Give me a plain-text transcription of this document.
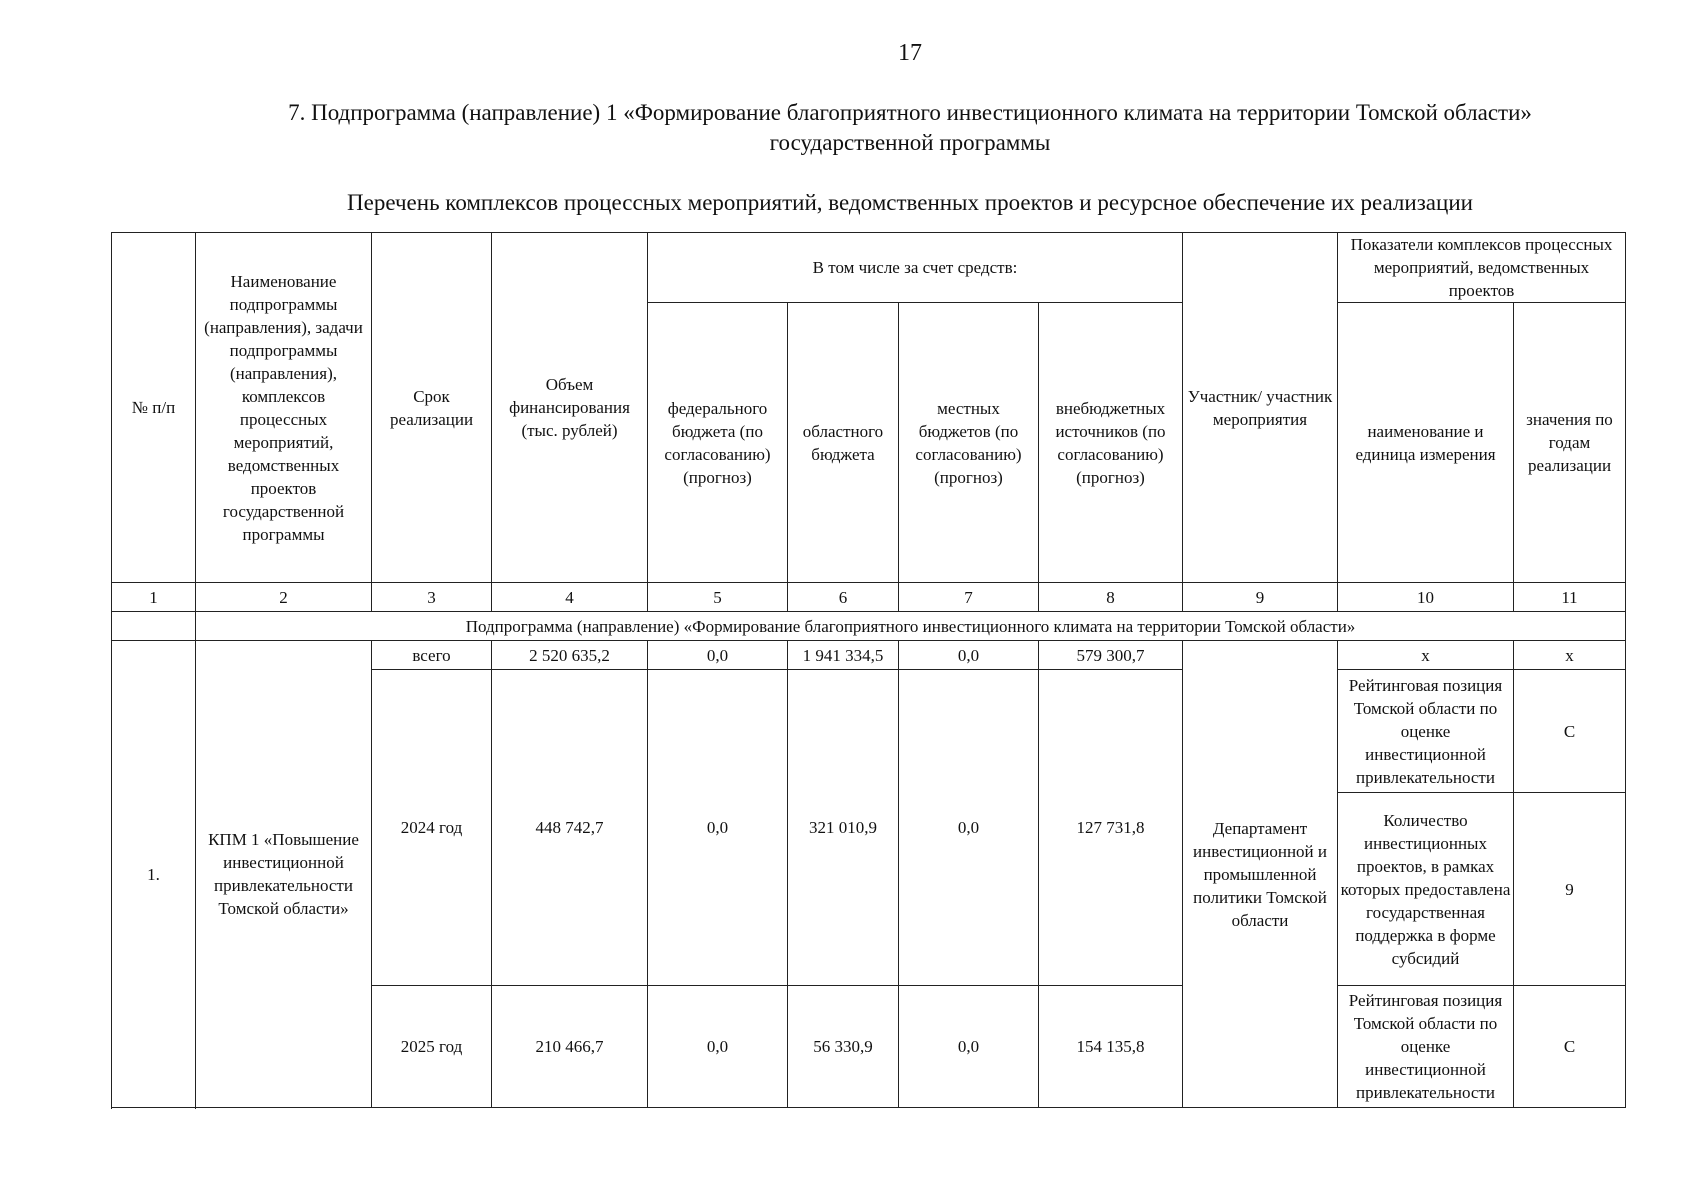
17
7. Подпрограмма (направление) 1 «Формирование благоприятного инвестиционного климата на территории Томской области»
государственной программы
Перечень комплексов процессных мероприятий, ведомственных проектов и ресурсное обеспечение их реализации
№ п/п	Наименование подпрограммы (направления), задачи подпрограммы (направления), комплексов процессных мероприятий, ведомственных проектов государственной программы	Срок реализации	Объем финансирования (тыс. рублей)	В том числе за счет средств:				Участник/ участник мероприятия	Показатели комплексов процессных мероприятий, ведомственных проектов	
				федерального бюджета (по согласованию) (прогноз)	областного бюджета	местных бюджетов (по согласованию) (прогноз)	внебюджетных источников (по согласованию) (прогноз)		наименование и единица измерения	значения по годам реализации
1	2	3	4	5	6	7	8	9	10	11
	Подпрограмма (направление) «Формирование благоприятного инвестиционного климата на территории Томской области»									
1.	КПМ 1 «Повышение инвестиционной привлекательности Томской области»	всего	2 520 635,2	0,0	1 941 334,5	0,0	579 300,7	Департамент инвестиционной и промышленной политики Томской области	х	х
		2024 год	448 742,7	0,0	321 010,9	0,0	127 731,8		Рейтинговая позиция Томской области по оценке инвестиционной привлекательности	С
									Количество инвестиционных проектов, в рамках которых предоставлена государственная поддержка в форме субсидий	9
		2025 год	210 466,7	0,0	56 330,9	0,0	154 135,8		Рейтинговая позиция Томской области по оценке инвестиционной привлекательности	С
